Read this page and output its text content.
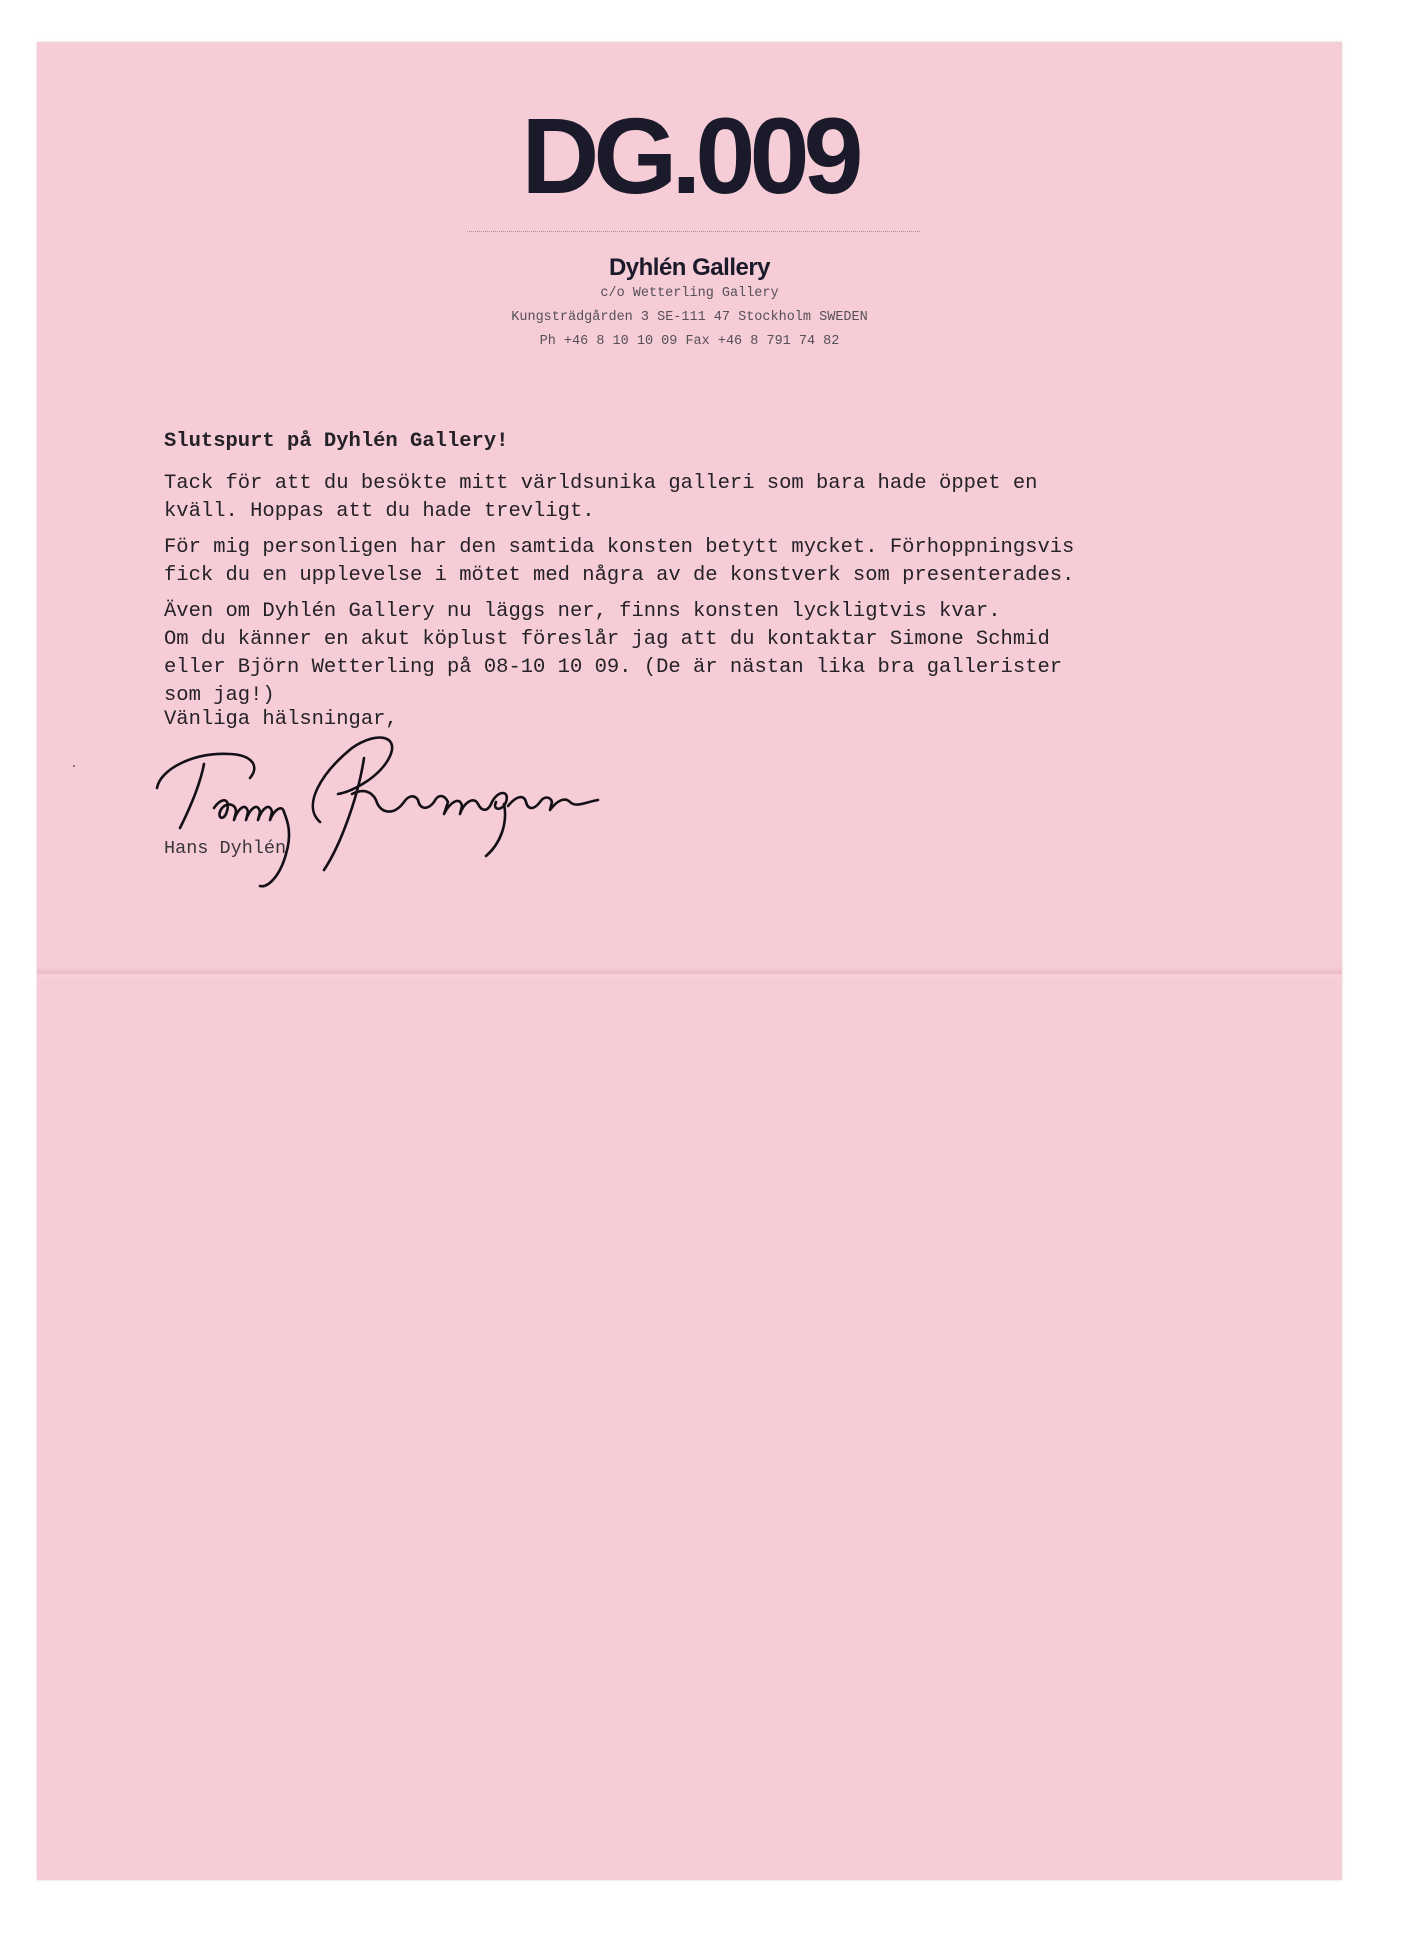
DG.009
Dyhlén Gallery
c/o Wetterling Gallery
Kungsträdgården 3 SE-111 47 Stockholm SWEDEN
Ph +46 8 10 10 09 Fax +46 8 791 74 82
Slutspurt på Dyhlén Gallery!
Tack för att du besökte mitt världsunika galleri som bara hade öppet en
kväll. Hoppas att du hade trevligt.
För mig personligen har den samtida konsten betytt mycket. Förhoppningsvis
fick du en upplevelse i mötet med några av de konstverk som presenterades.
Även om Dyhlén Gallery nu läggs ner, finns konsten lyckligtvis kvar.
Om du känner en akut köplust föreslår jag att du kontaktar Simone Schmid
eller Björn Wetterling på 08-10 10 09. (De är nästan lika bra gallerister
som jag!)
Vänliga hälsningar,
Hans Dyhlén
